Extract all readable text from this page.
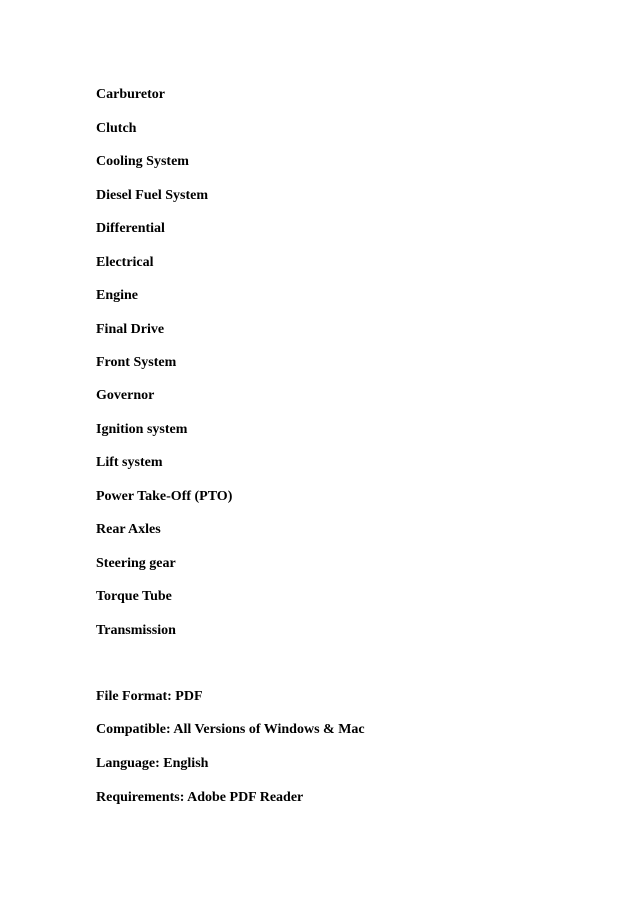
Carburetor

Clutch

Cooling System

Diesel Fuel System

Differential

Electrical

Engine

Final Drive

Front System

Governor

Ignition system

Lift system

Power Take-Off (PTO)

Rear Axles

Steering gear

Torque Tube

Transmission

File Format: PDF

Compatible: All Versions of Windows & Mac

Language: English

Requirements: Adobe PDF Reader
